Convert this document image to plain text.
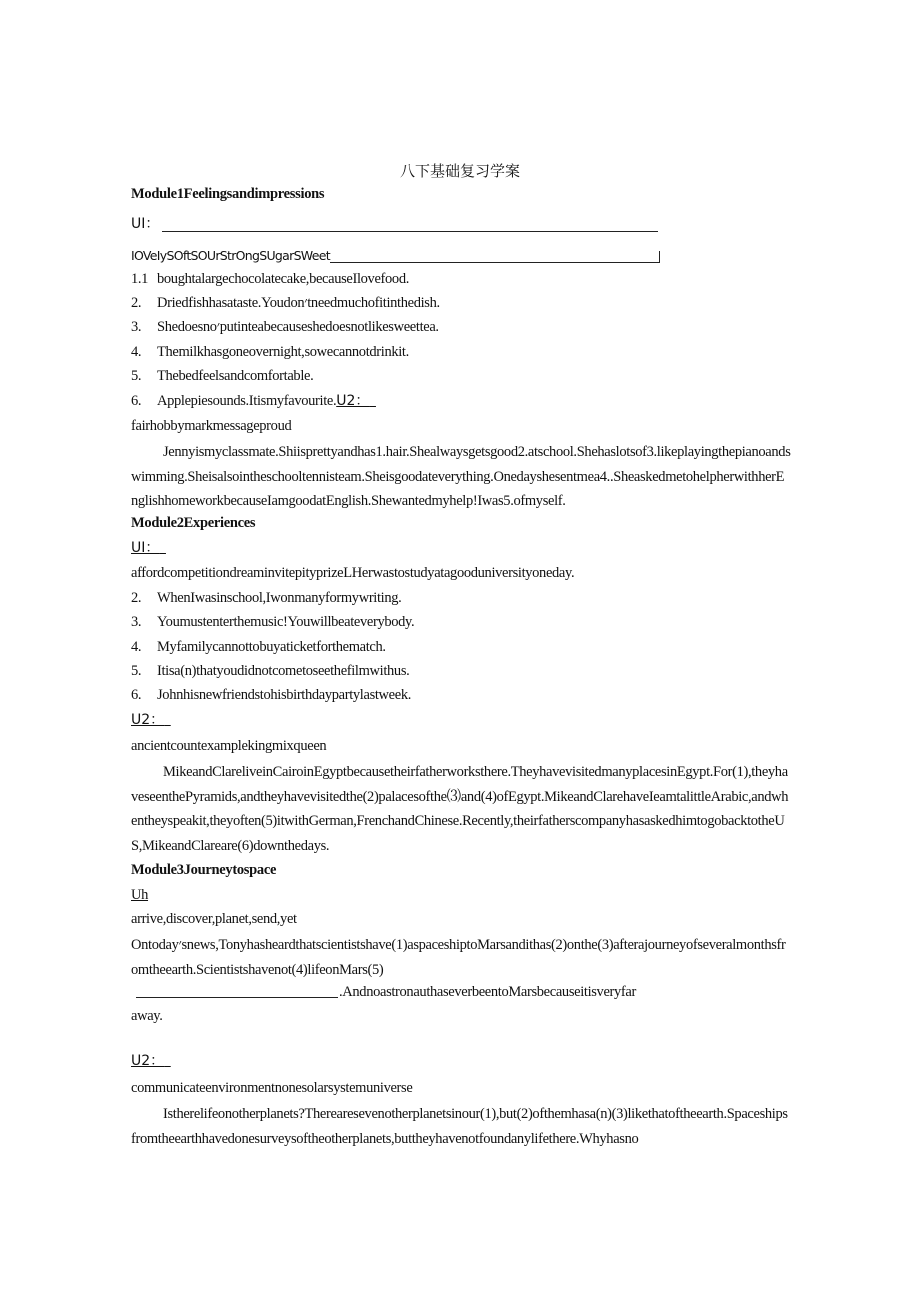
八下基础复习学案
Module1Feelingsandimpressions
UI：
IOVeIySOftSOUrStrOngSUgarSWeet
1.1 boughtalargechocolatecake,becauseIlovefood.
2. Driedfishhasataste.Youdon׳tneedmuchofitinthedish.
3. Shedoesno׳putinteabecauseshedoesnotlikesweettea.
4. Themilkhasgoneovernight,sowecannotdrinkit.
5. Thebedfeelsandcomfortable.
6. Applepiesounds.Itismyfavourite.U2：
fairhobbymarkmessageproud
Jennyismyclassmate.Shiisprettyandhas1.hair.Shealwaysgetsgood2.atschool.Shehaslotsof3.likeplayingthepianoandswimming.Sheisalsointheschooltennisteam.Sheisgoodateverything.Onedayshesentmea4..SheaskedmetohelpherwithherEnglishhomeworkbecauseIamgoodatEnglish.Shewantedmyhelp!Iwas5.ofmyself.
Module2Experiences
UI：
affordcompetitiondreaminvitepityprizeLHerwastostudyatagooduniversityoneday.
2. WhenIwasinschool,Iwonmanyformywriting.
3. Youmustenterthemusic!Youwillbeateverybody.
4. Myfamilycannottobuyaticketforthematch.
5. Itisa(n)thatyoudidnotcometoseethefilmwithus.
6. Johnhisnewfriendstohisbirthdaypartylastweek.
U2：
ancientcountexamplekingmixqueen
MikeandClareliveinCairoinEgyptbecausetheirfatherworksthere.TheyhavevisitedmanyplacesinEgypt.For(1),theyhaveseenthePyramids,andtheyhavevisitedthe(2)palacesofthe⑶and(4)ofEgypt.MikeandClarehaveIeamtalittleArabic,andwhentheyspeakit,theyoften(5)itwithGerman,FrenchandChinese.Recently,theirfatherscompanyhasaskedhimtogobacktotheUS,MikeandClareare(6)downthedays.
Module3Journeytospace
Uh
arrive,discover,planet,send,yet
Ontoday׳snews,Tonyhasheardthatscientistshave(1)aspaceshiptoMarsandithas(2)onthe(3)afterajourneyofseveralmonthsfromtheearth.Scientistshavenot(4)lifeonMars(5)
.AndnoastronauthaseverbeentoMarsbecauseitisveryfar
away.
U2：
communicateenvironmentnonesolarsystemuniverse
Istherelifeonotherplanets?Therearesevenotherplanetsinour(1),but(2)ofthemhasa(n)(3)likethatoftheearth.Spaceshipsfromtheearthhavedonesurveysoftheotherplanets,buttheyhavenotfoundanylifethere.Whyhasno
